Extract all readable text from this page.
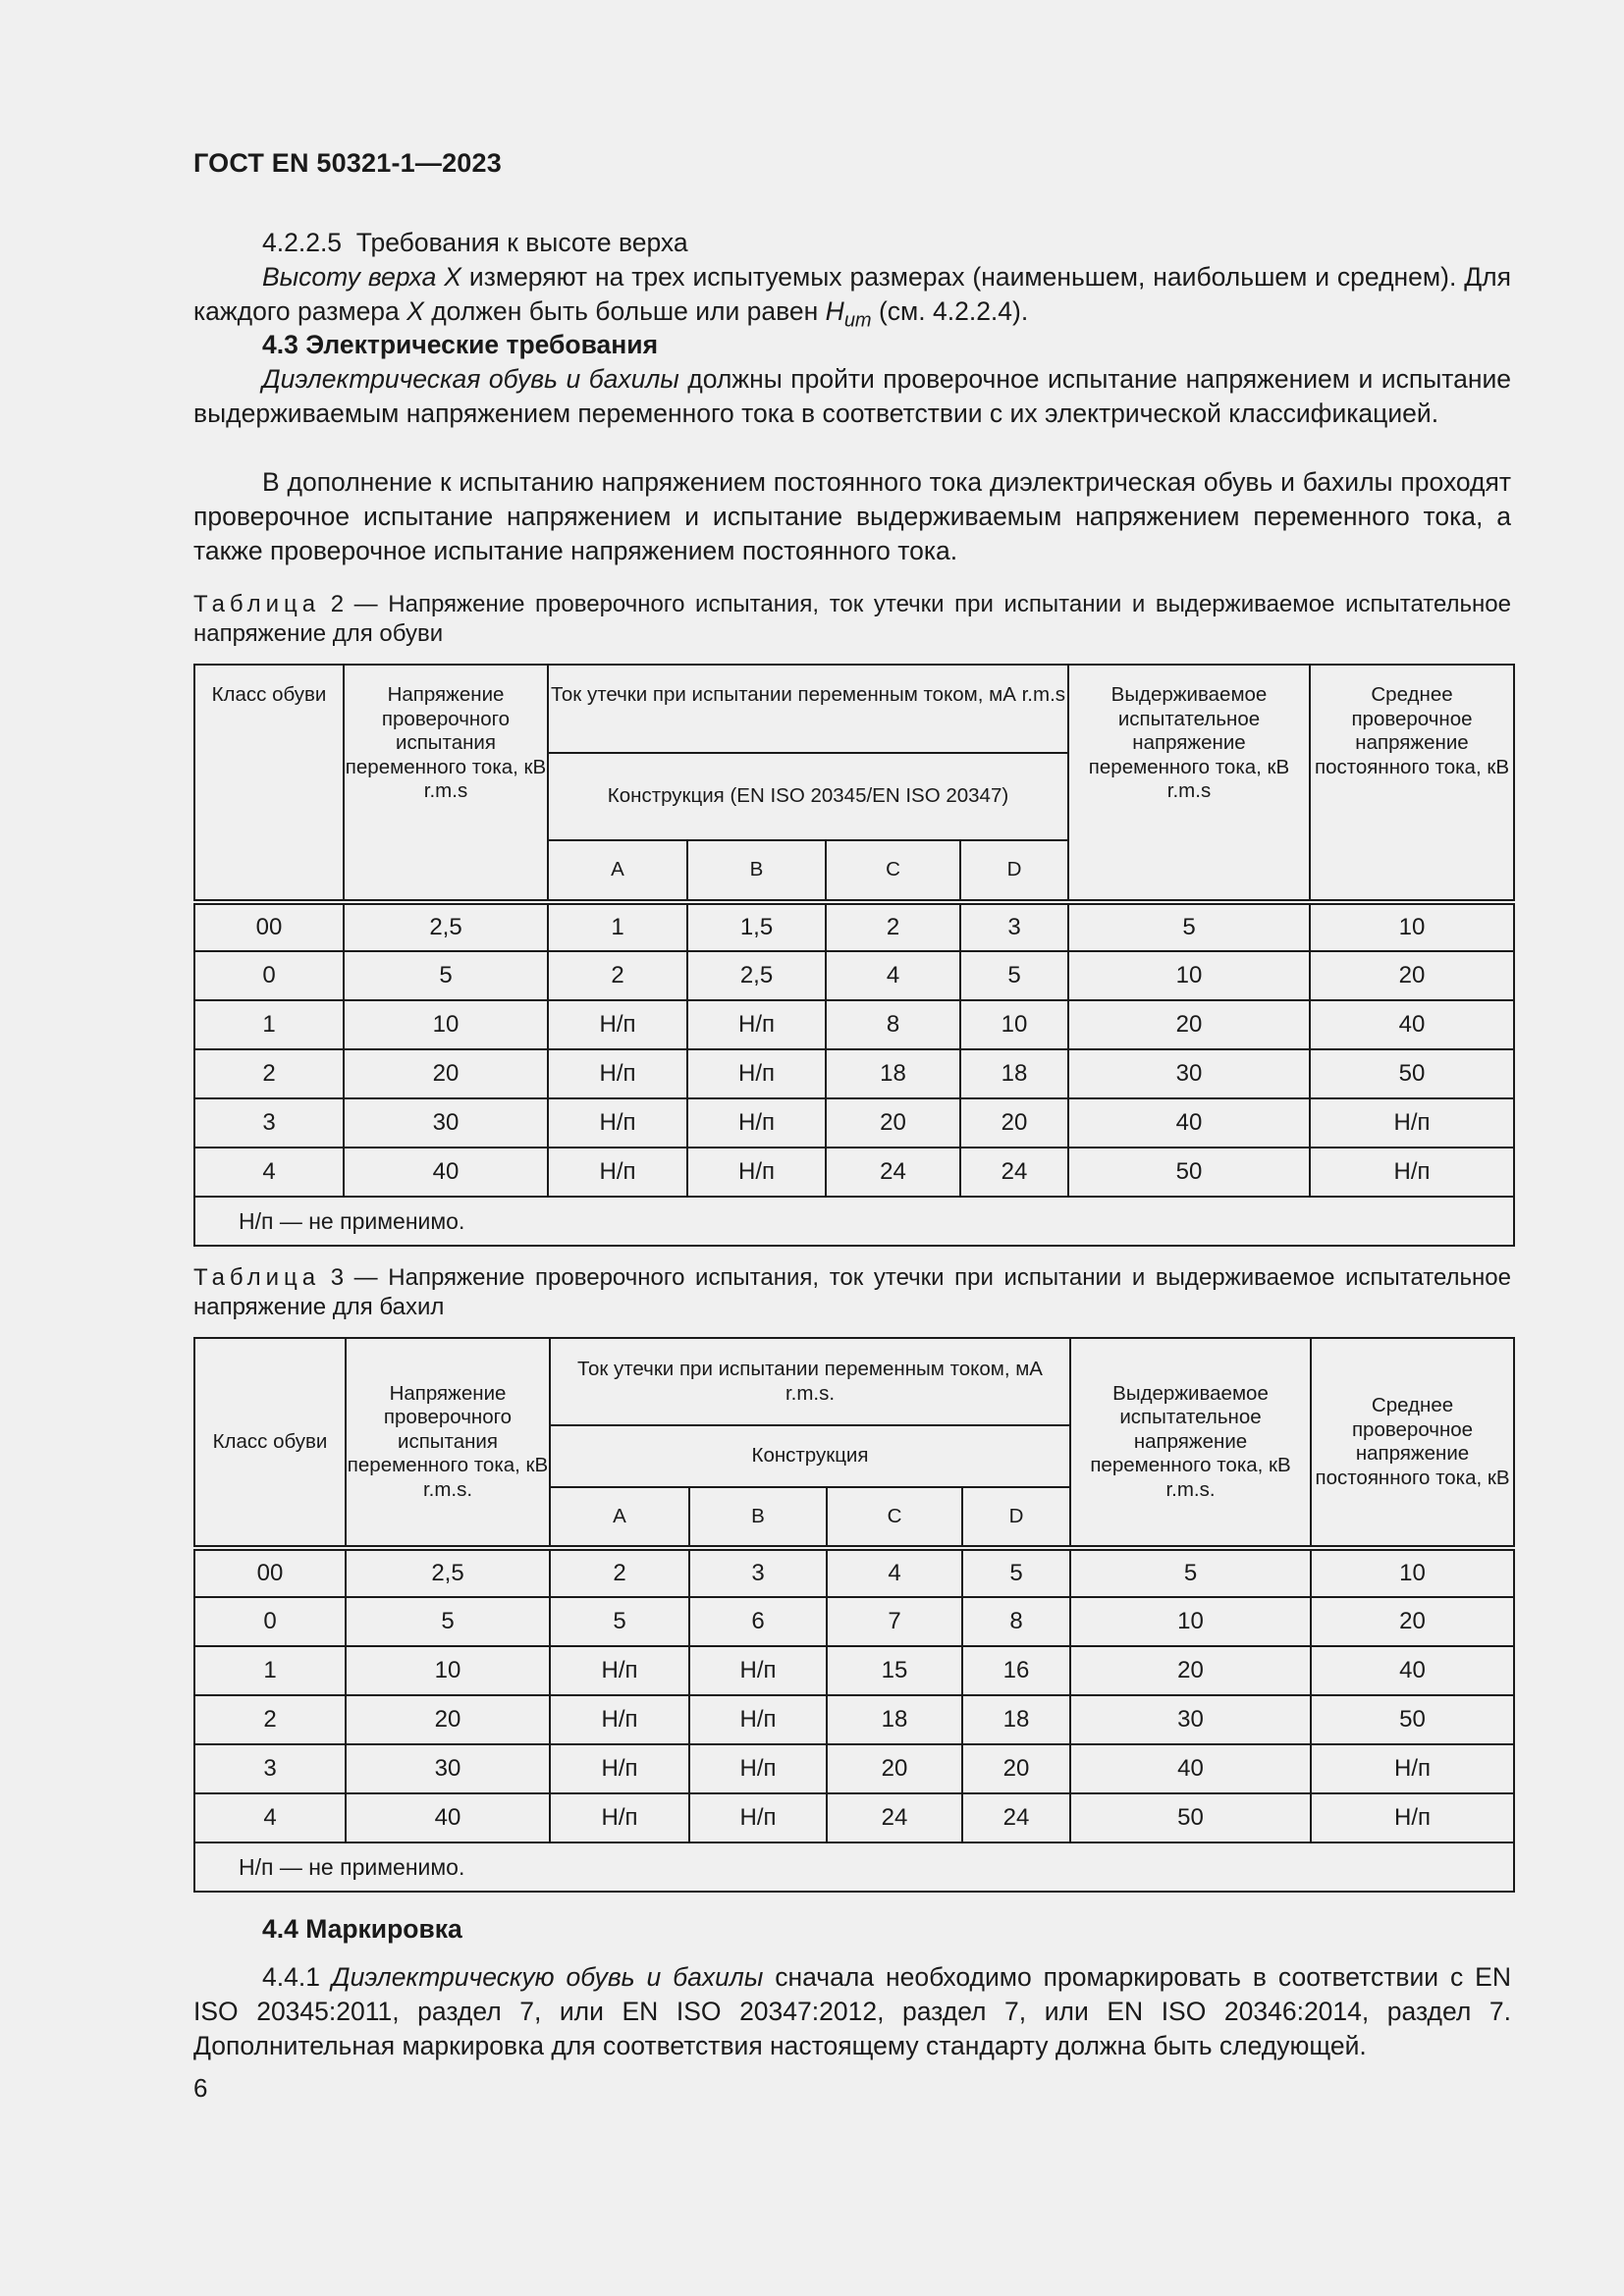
ГОСТ EN 50321-1—2023
4.2.2.5 Требования к высоте верха
Высоту верха X измеряют на трех испытуемых размерах (наименьшем, наибольшем и среднем). Для каждого размера X должен быть больше или равен $H_{um}$ (см. 4.2.2.4).
4.3 Электрические требования
Диэлектрическая обувь и бахилы должны пройти проверочное испытание напряжением и испытание выдерживаемым напряжением переменного тока в соответствии с их электрической классификацией.
В дополнение к испытанию напряжением постоянного тока диэлектрическая обувь и бахилы проходят проверочное испытание напряжением и испытание выдерживаемым напряжением переменного тока, а также проверочное испытание напряжением постоянного тока.
Таблица 2 — Напряжение проверочного испытания, ток утечки при испытании и выдерживаемое испытательное напряжение для обуви
Класс обуви	Напряжение проверочного испытания переменного тока, кВ r.m.s	Ток утечки при испытании переменным током, мА r.m.s				Выдерживаемое испытательное напряжение переменного тока, кВ r.m.s	Среднее проверочное напряжение постоянного тока, кВ
		Конструкция (EN ISO 20345/EN ISO 20347)					
		A	B	C	D		
00	2,5	1	1,5	2	3	5	10
0	5	2	2,5	4	5	10	20
1	10	Н/п	Н/п	8	10	20	40
2	20	Н/п	Н/п	18	18	30	50
3	30	Н/п	Н/п	20	20	40	Н/п
4	40	Н/п	Н/п	24	24	50	Н/п
Н/п — не применимо.							
Таблица 3 — Напряжение проверочного испытания, ток утечки при испытании и выдерживаемое испытательное напряжение для бахил
Класс обуви	Напряжение проверочного испытания переменного тока, кВ r.m.s.	Ток утечки при испытании переменным током, мА r.m.s.				Выдерживаемое испытательное напряжение переменного тока, кВ r.m.s.	Среднее проверочное напряжение постоянного тока, кВ
		Конструкция					
		A	B	C	D		
00	2,5	2	3	4	5	5	10
0	5	5	6	7	8	10	20
1	10	Н/п	Н/п	15	16	20	40
2	20	Н/п	Н/п	18	18	30	50
3	30	Н/п	Н/п	20	20	40	Н/п
4	40	Н/п	Н/п	24	24	50	Н/п
Н/п — не применимо.							
4.4 Маркировка
4.4.1 Диэлектрическую обувь и бахилы сначала необходимо промаркировать в соответствии с EN ISO 20345:2011, раздел 7, или EN ISO 20347:2012, раздел 7, или EN ISO 20346:2014, раздел 7. Дополнительная маркировка для соответствия настоящему стандарту должна быть следующей.
6
